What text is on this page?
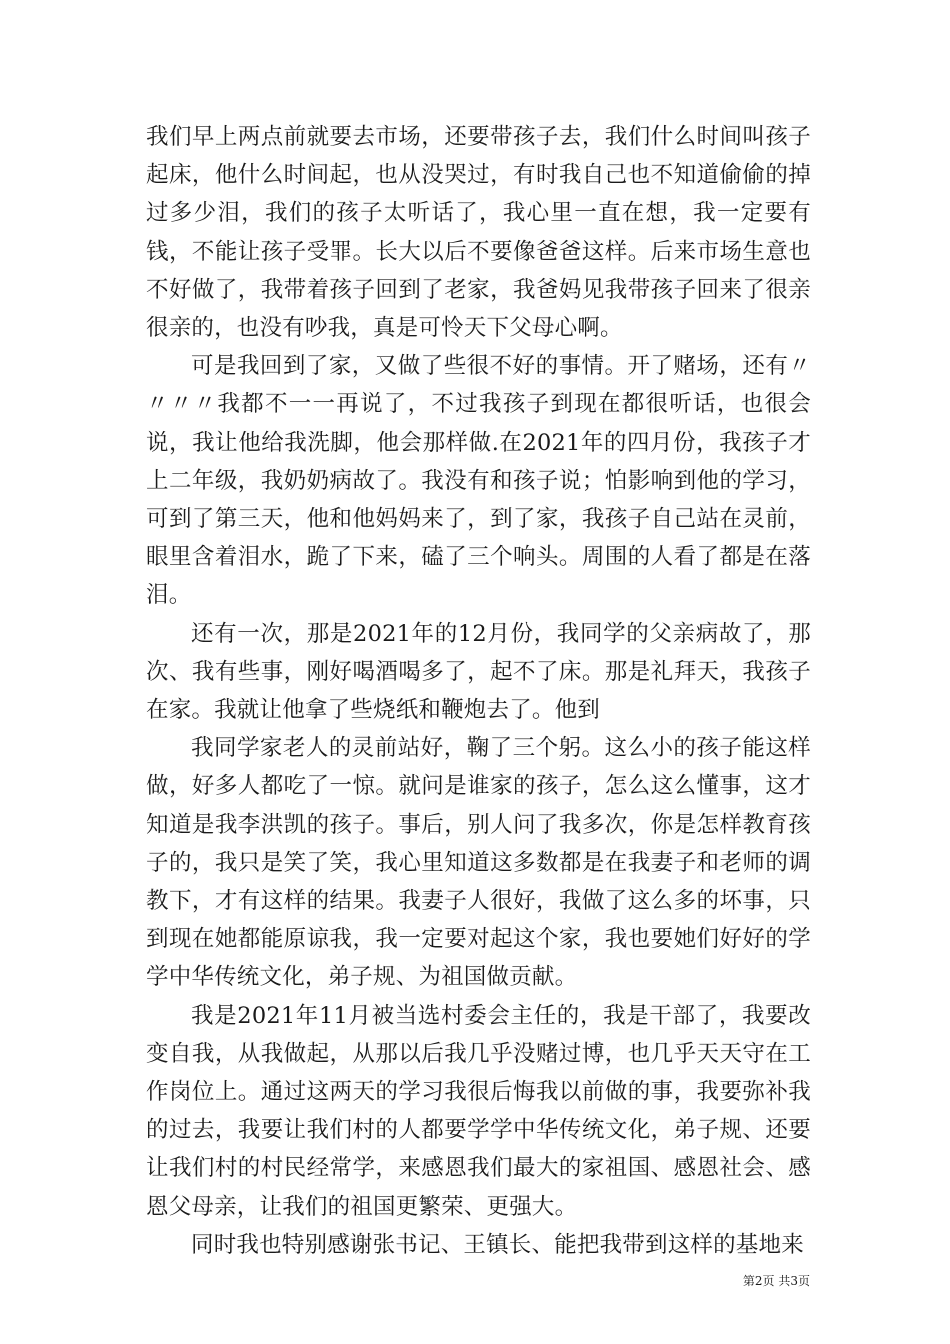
我们早上两点前就要去市场，还要带孩子去，我们什么时间叫孩子起床，他什么时间起，也从没哭过，有时我自己也不知道偷偷的掉过多少泪，我们的孩子太听话了，我心里一直在想，我一定要有钱，不能让孩子受罪。长大以后不要像爸爸这样。后来市场生意也不好做了，我带着孩子回到了老家，我爸妈见我带孩子回来了很亲很亲的，也没有吵我，真是可怜天下父母心啊。

可是我回到了家，又做了些很不好的事情。开了赌场，还有〃〃〃〃我都不一一再说了，不过我孩子到现在都很听话，也很会说，我让他给我洗脚，他会那样做.在2021年的四月份，我孩子才上二年级，我奶奶病故了。我没有和孩子说；怕影响到他的学习，可到了第三天，他和他妈妈来了，到了家，我孩子自己站在灵前，眼里含着泪水，跪了下来，磕了三个响头。周围的人看了都是在落泪。

还有一次，那是2021年的12月份，我同学的父亲病故了，那次、我有些事，刚好喝酒喝多了，起不了床。那是礼拜天，我孩子在家。我就让他拿了些烧纸和鞭炮去了。他到

我同学家老人的灵前站好，鞠了三个躬。这么小的孩子能这样做，好多人都吃了一惊。就问是谁家的孩子，怎么这么懂事，这才知道是我李洪凯的孩子。事后，别人问了我多次，你是怎样教育孩子的，我只是笑了笑，我心里知道这多数都是在我妻子和老师的调教下，才有这样的结果。我妻子人很好，我做了这么多的坏事，只到现在她都能原谅我，我一定要对起这个家，我也要她们好好的学学中华传统文化，弟子规、为祖国做贡献。

我是2021年11月被当选村委会主任的，我是干部了，我要改变自我，从我做起，从那以后我几乎没赌过博，也几乎天天守在工作岗位上。通过这两天的学习我很后悔我以前做的事，我要弥补我的过去，我要让我们村的人都要学学中华传统文化，弟子规、还要让我们村的村民经常学，来感恩我们最大的家祖国、感恩社会、感恩父母亲，让我们的祖国更繁荣、更强大。

同时我也特别感谢张书记、王镇长、能把我带到这样的基地来

第2页 共3页
